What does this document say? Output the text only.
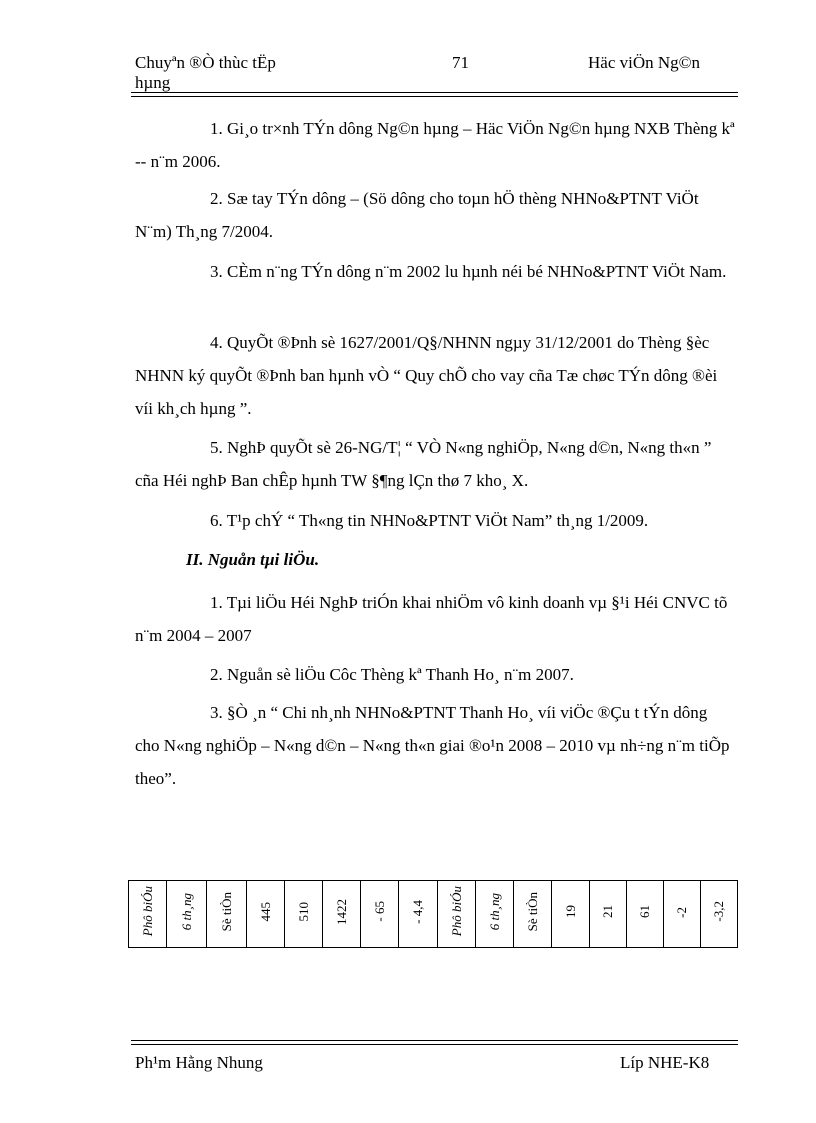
Chuyªn ®Ò thùc tËp
hµng
71	Häc viÖn Ng©n

1. Gi¸o tr×nh TÝn dông Ng©n hµng – Häc ViÖn Ng©n hµng NXB Thèng kª -- n¨m 2006.

2. Sæ tay TÝn dông – (Sö dông cho toµn hÖ thèng NHNo&PTNT ViÖt N¨m) Th¸ng 7/2004.

3. CÈm n¨ng TÝn dông n¨m 2002 lu hµnh néi bé NHNo&PTNT ViÖt Nam.

4. QuyÕt ®Þnh sè 1627/2001/Q§/NHNN ngµy 31/12/2001 do Thèng §èc NHNN ký quyÕt ®Þnh ban hµnh vÒ “ Quy chÕ cho vay cña Tæ chøc TÝn dông ®èi víi kh¸ch hµng ”.

5. NghÞ quyÕt sè 26-NG/T¦ “ VÒ N«ng nghiÖp, N«ng d©n, N«ng th«n ” cña Héi nghÞ Ban chÊp hµnh TW §¶ng lÇn thø 7 kho¸ X.

6. T¹p chÝ “ Th«ng tin NHNo&PTNT ViÖt Nam” th¸ng 1/2009.

II. Nguån tµi liÖu.

1. Tµi liÖu Héi NghÞ triÓn khai nhiÖm vô kinh doanh vµ §¹i Héi CNVC tõ n¨m 2004 – 2007

2. Nguån sè liÖu Côc Thèng kª Thanh Ho¸ n¨m 2007.

3. §Ò ¸n “ Chi nh¸nh NHNo&PTNT Thanh Ho¸ víi viÖc ®Çu t tÝn dông cho N«ng nghiÖp – N«ng d©n – N«ng th«n giai ®o¹n 2008 – 2010 vµ nh÷ng n¨m tiÕp theo”.

Phô biÓu	6 th¸ng	Sè tiÒn	445	510	1422	- 65	- 4,4	Phô biÓu	6 th¸ng	Sè tiÒn	19	21	61	-2	-3,2
Ph¹m Hằng Nhung	Líp NHE-K8
